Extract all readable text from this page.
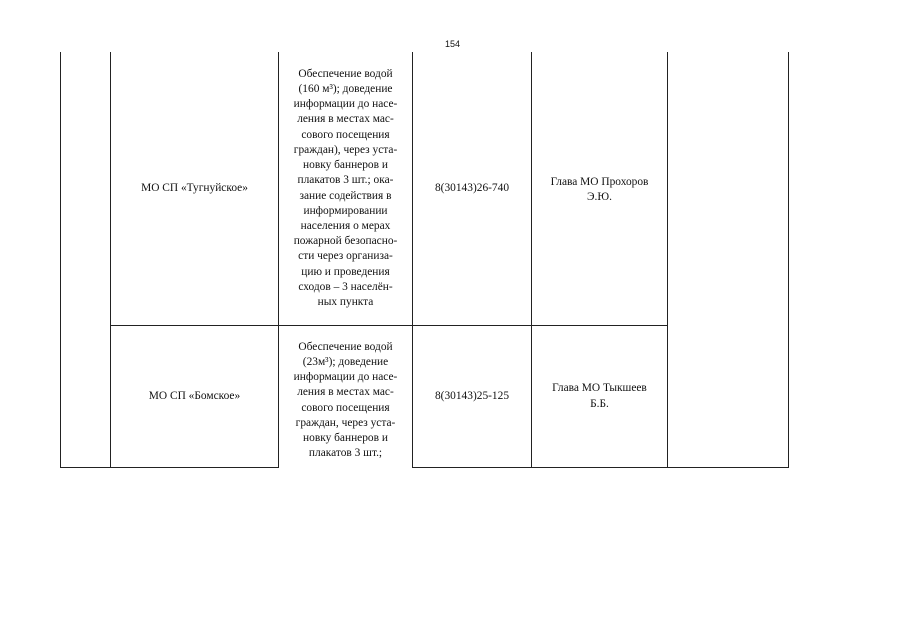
154
МО СП «Тугнуйское»
Обеспечение водой
(160 м³); доведение
информации до насе-
ления в местах мас-
сового посещения
граждан), через уста-
новку баннеров и
плакатов 3 шт.; ока-
зание содействия в
информировании
населения о мерах
пожарной безопасно-
сти через организа-
цию и проведения
сходов – 3 населён-
ных пункта
8(30143)26-740	Глава МО Прохоров
Э.Ю.
МО СП «Бомское»
Обеспечение водой
(23м³); доведение
информации до насе-
ления в местах мас-
сового посещения
граждан, через уста-
новку баннеров и
плакатов 3 шт.;
8(30143)25-125
Глава МО Тыкшеев
Б.Б.
